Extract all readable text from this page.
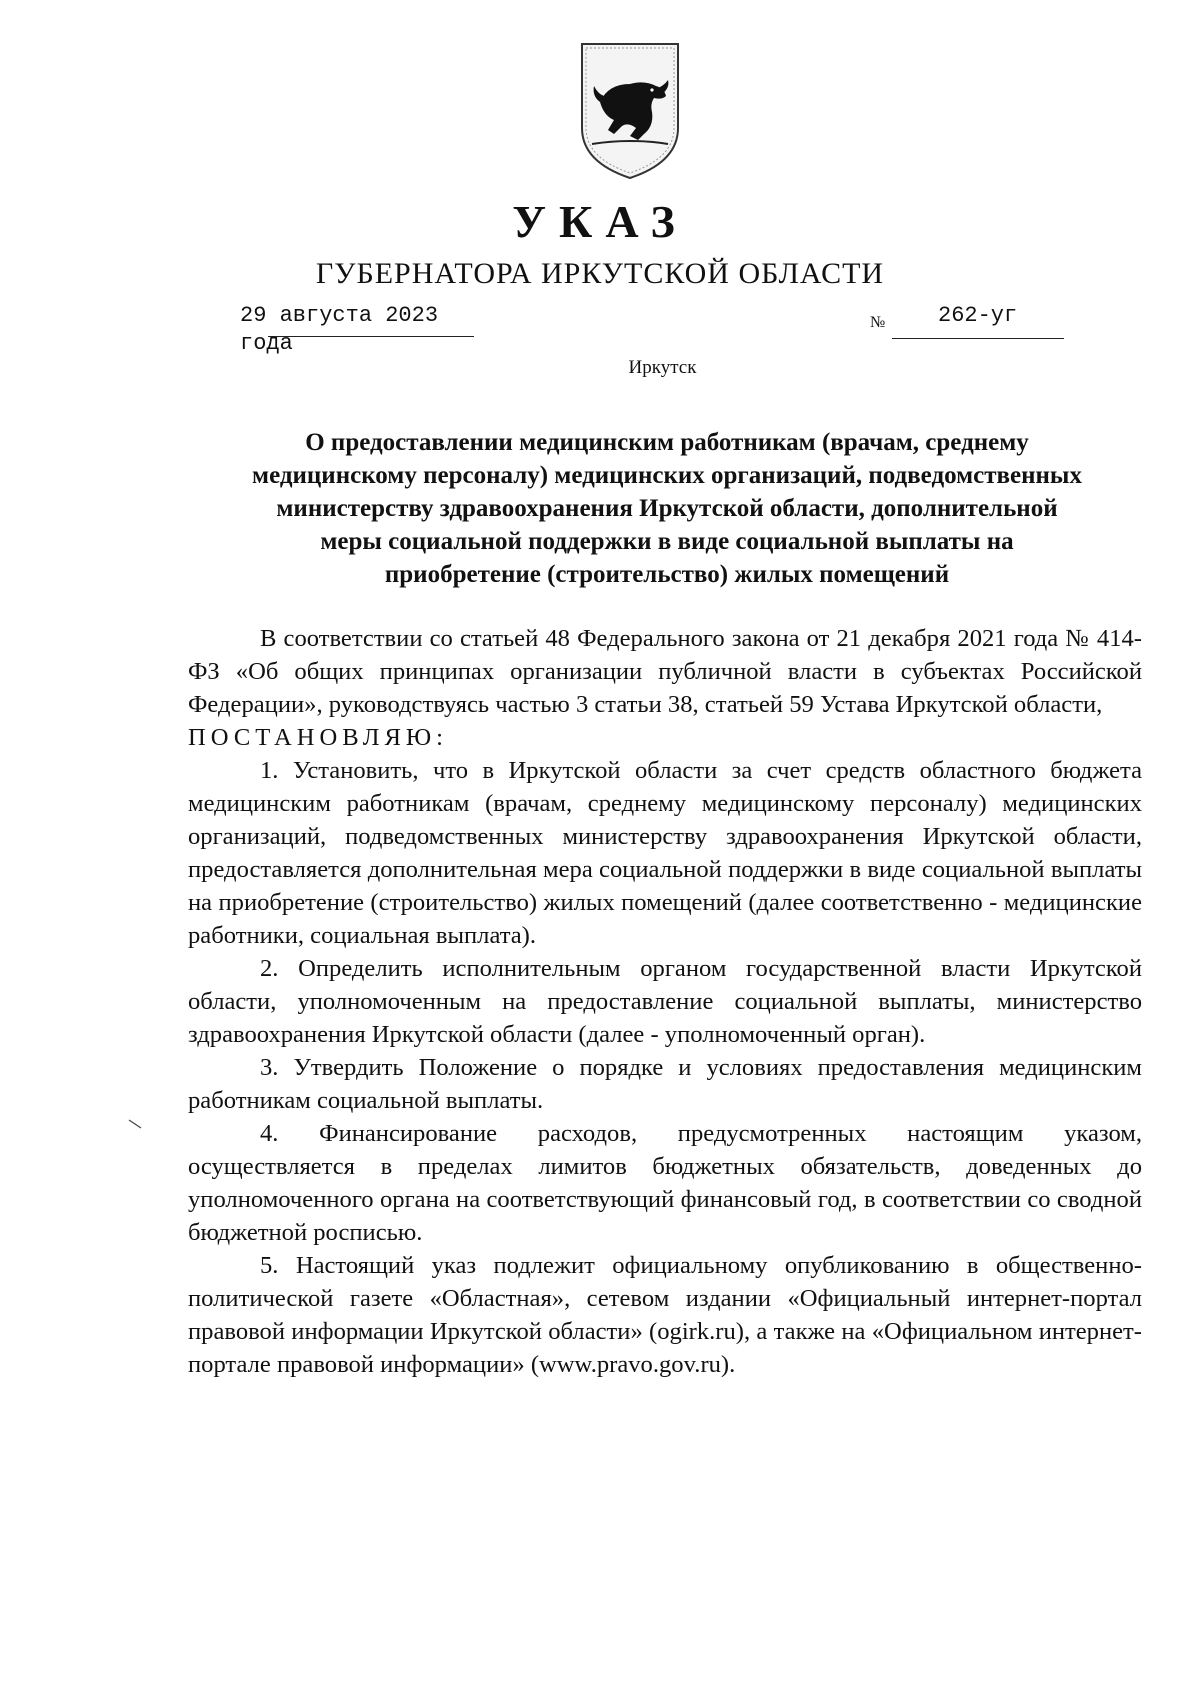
УКАЗ
ГУБЕРНАТОРА ИРКУТСКОЙ ОБЛАСТИ
29 августа 2023 года
№ 262-уг
Иркутск
О предоставлении медицинским работникам (врачам, среднему
медицинскому персоналу) медицинских организаций, подведомственных
министерству здравоохранения Иркутской области, дополнительной
меры социальной поддержки в виде социальной выплаты на
приобретение (строительство) жилых помещений

В соответствии со статьей 48 Федерального закона от 21 декабря 2021 года № 414-ФЗ «Об общих принципах организации публичной власти в субъектах Российской Федерации», руководствуясь частью 3 статьи 38, статьей 59 Устава Иркутской области,

ПОСТАНОВЛЯЮ:

1. Установить, что в Иркутской области за счет средств областного бюджета медицинским работникам (врачам, среднему медицинскому персоналу) медицинских организаций, подведомственных министерству здравоохранения Иркутской области, предоставляется дополнительная мера социальной поддержки в виде социальной выплаты на приобретение (строительство) жилых помещений (далее соответственно - медицинские работники, социальная выплата).

2. Определить исполнительным органом государственной власти Иркутской области, уполномоченным на предоставление социальной выплаты, министерство здравоохранения Иркутской области (далее - уполномоченный орган).

3. Утвердить Положение о порядке и условиях предоставления медицинским работникам социальной выплаты.

4. Финансирование расходов, предусмотренных настоящим указом, осуществляется в пределах лимитов бюджетных обязательств, доведенных до уполномоченного органа на соответствующий финансовый год, в соответствии со сводной бюджетной росписью.

5. Настоящий указ подлежит официальному опубликованию в общественно-политической газете «Областная», сетевом издании «Официальный интернет-портал правовой информации Иркутской области» (ogirk.ru), а также на «Официальном интернет-портале правовой информации» (www.pravo.gov.ru).
